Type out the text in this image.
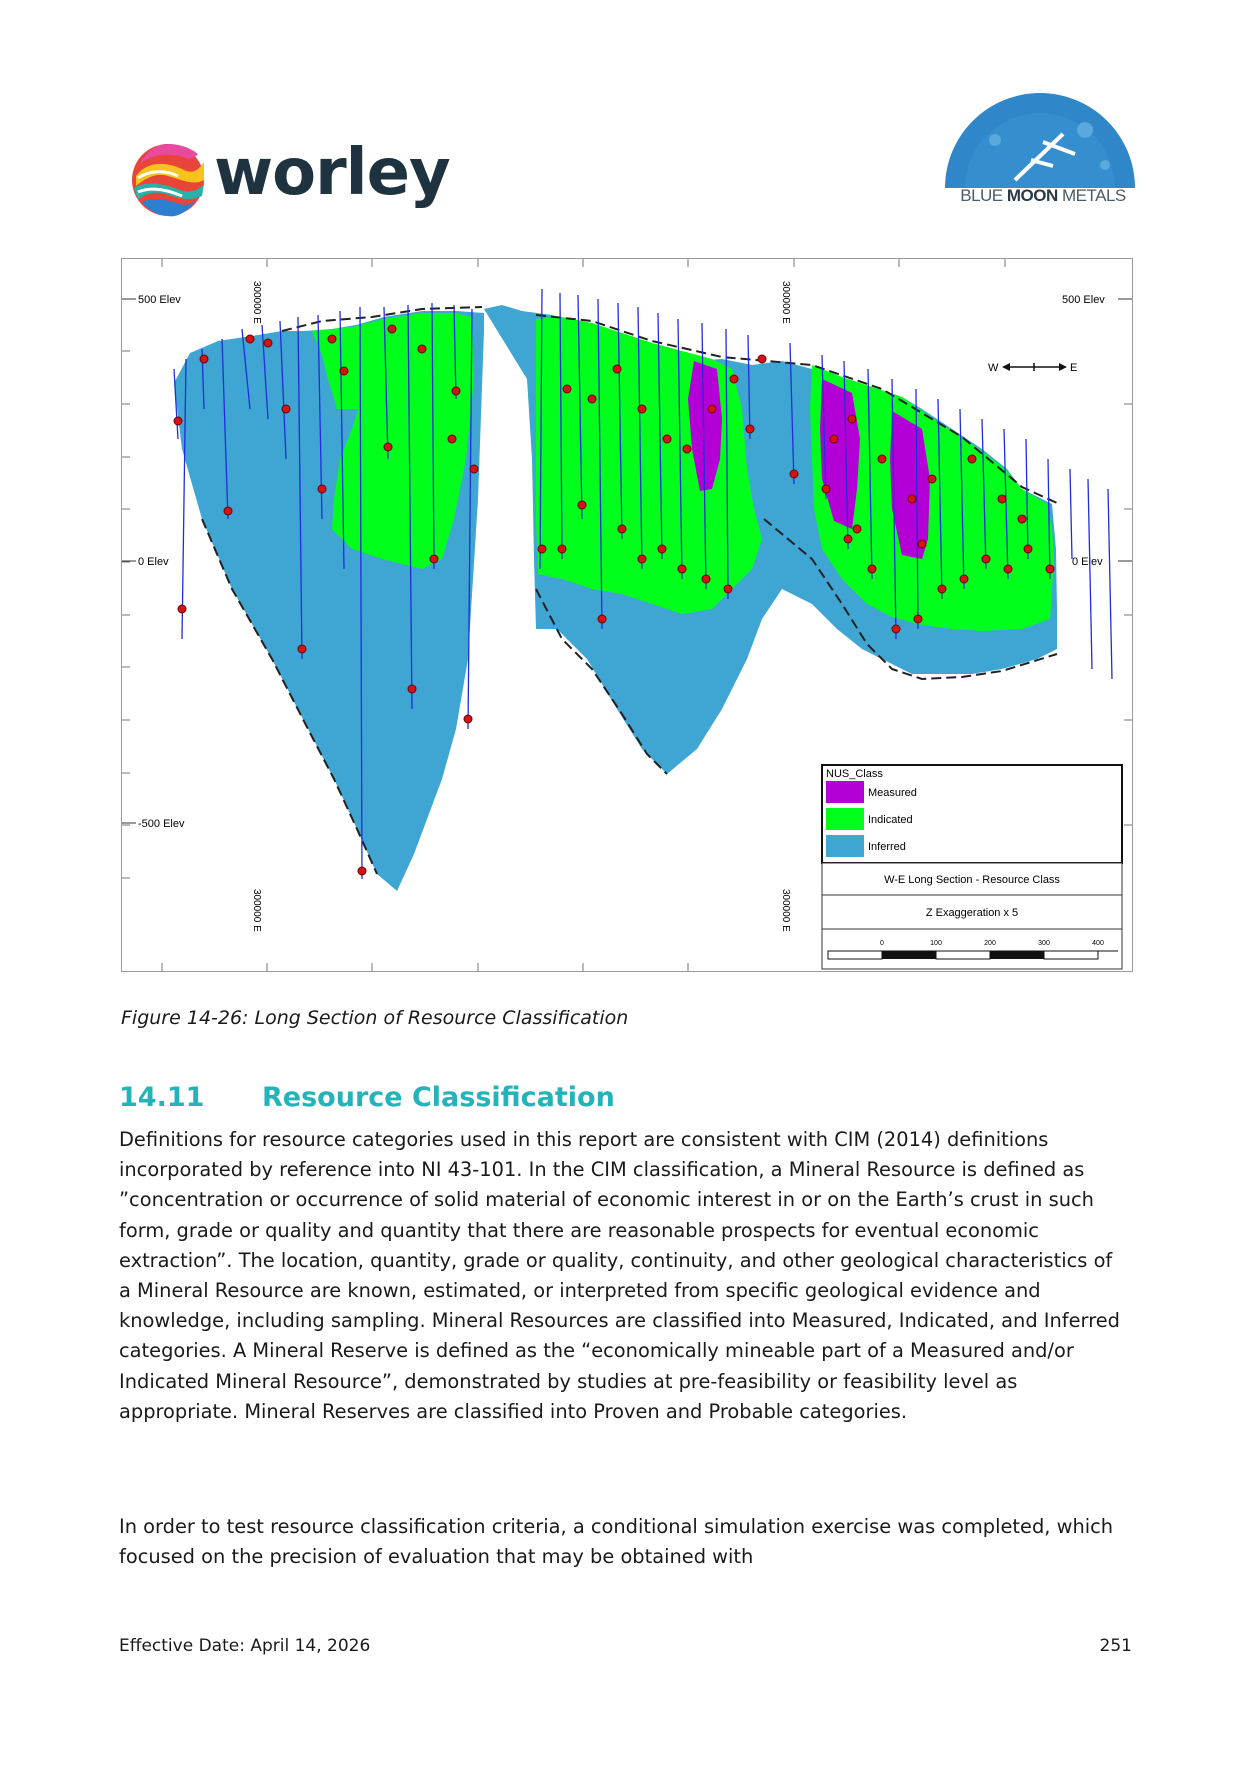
worley	BLUE MOON METALS
500 Elev	500 Elev
0 Elev	0 Elev
-500 Elev
300000 E	300000 E
300000 E	300000 E
W	E
NUS_Class
Measured
Indicated
Inferred
W-E Long Section - Resource Class
Z Exaggeration x 5
0	100	200	300	400
Figure 14-26: Long Section of Resource Classification
14.11 Resource Classification
Definitions for resource categories used in this report are consistent with CIM (2014) definitions incorporated by reference into NI 43-101. In the CIM classification, a Mineral Resource is defined as ”concentration or occurrence of solid material of economic interest in or on the Earth’s crust in such form, grade or quality and quantity that there are reasonable prospects for eventual economic extraction”. The location, quantity, grade or quality, continuity, and other geological characteristics of a Mineral Resource are known, estimated, or interpreted from specific geological evidence and knowledge, including sampling. Mineral Resources are classified into Measured, Indicated, and Inferred categories. A Mineral Reserve is defined as the “economically mineable part of a Measured and/or Indicated Mineral Resource”, demonstrated by studies at pre-feasibility or feasibility level as appropriate. Mineral Reserves are classified into Proven and Probable categories.
In order to test resource classification criteria, a conditional simulation exercise was completed, which focused on the precision of evaluation that may be obtained with
Effective Date: April 14, 2026	251
